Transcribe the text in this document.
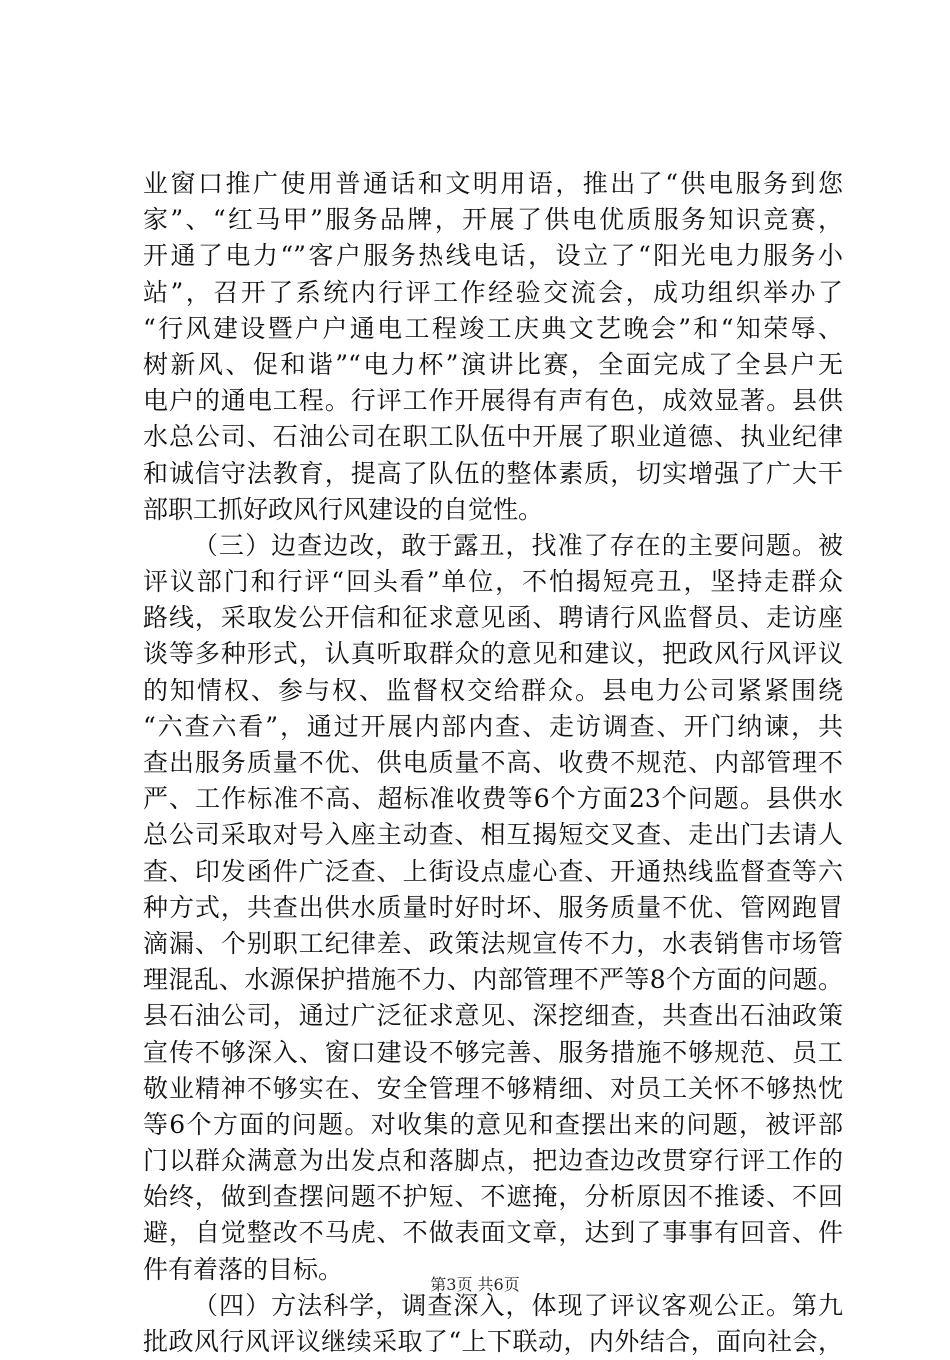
业窗口推广使用普通话和文明用语，推出了“供电服务到您
家”、“红马甲”服务品牌，开展了供电优质服务知识竞赛，
开通了电力“”客户服务热线电话，设立了“阳光电力服务小
站”，召开了系统内行评工作经验交流会，成功组织举办了
“行风建设暨户户通电工程竣工庆典文艺晚会”和“知荣辱、
树新风、促和谐”“电力杯”演讲比赛，全面完成了全县户无
电户的通电工程。行评工作开展得有声有色，成效显著。县供
水总公司、石油公司在职工队伍中开展了职业道德、执业纪律
和诚信守法教育，提高了队伍的整体素质，切实增强了广大干
部职工抓好政风行风建设的自觉性。
（三）边查边改，敢于露丑，找准了存在的主要问题。被
评议部门和行评“回头看”单位，不怕揭短亮丑，坚持走群众
路线，采取发公开信和征求意见函、聘请行风监督员、走访座
谈等多种形式，认真听取群众的意见和建议，把政风行风评议
的知情权、参与权、监督权交给群众。县电力公司紧紧围绕
“六查六看”，通过开展内部内查、走访调查、开门纳谏，共
查出服务质量不优、供电质量不高、收费不规范、内部管理不
严、工作标准不高、超标准收费等6个方面23个问题。县供水
总公司采取对号入座主动查、相互揭短交叉查、走出门去请人
查、印发函件广泛查、上街设点虚心查、开通热线监督查等六
种方式，共查出供水质量时好时坏、服务质量不优、管网跑冒
滴漏、个别职工纪律差、政策法规宣传不力，水表销售市场管
理混乱、水源保护措施不力、内部管理不严等8个方面的问题。
县石油公司，通过广泛征求意见、深挖细查，共查出石油政策
宣传不够深入、窗口建设不够完善、服务措施不够规范、员工
敬业精神不够实在、安全管理不够精细、对员工关怀不够热忱
等6个方面的问题。对收集的意见和查摆出来的问题，被评部
门以群众满意为出发点和落脚点，把边查边改贯穿行评工作的
始终，做到查摆问题不护短、不遮掩，分析原因不推诿、不回
避，自觉整改不马虎、不做表面文章，达到了事事有回音、件
件有着落的目标。
（四）方法科学，调查深入，体现了评议客观公正。第九
批政风行风评议继续采取了“上下联动，内外结合，面向社会，
第3页 共6页
